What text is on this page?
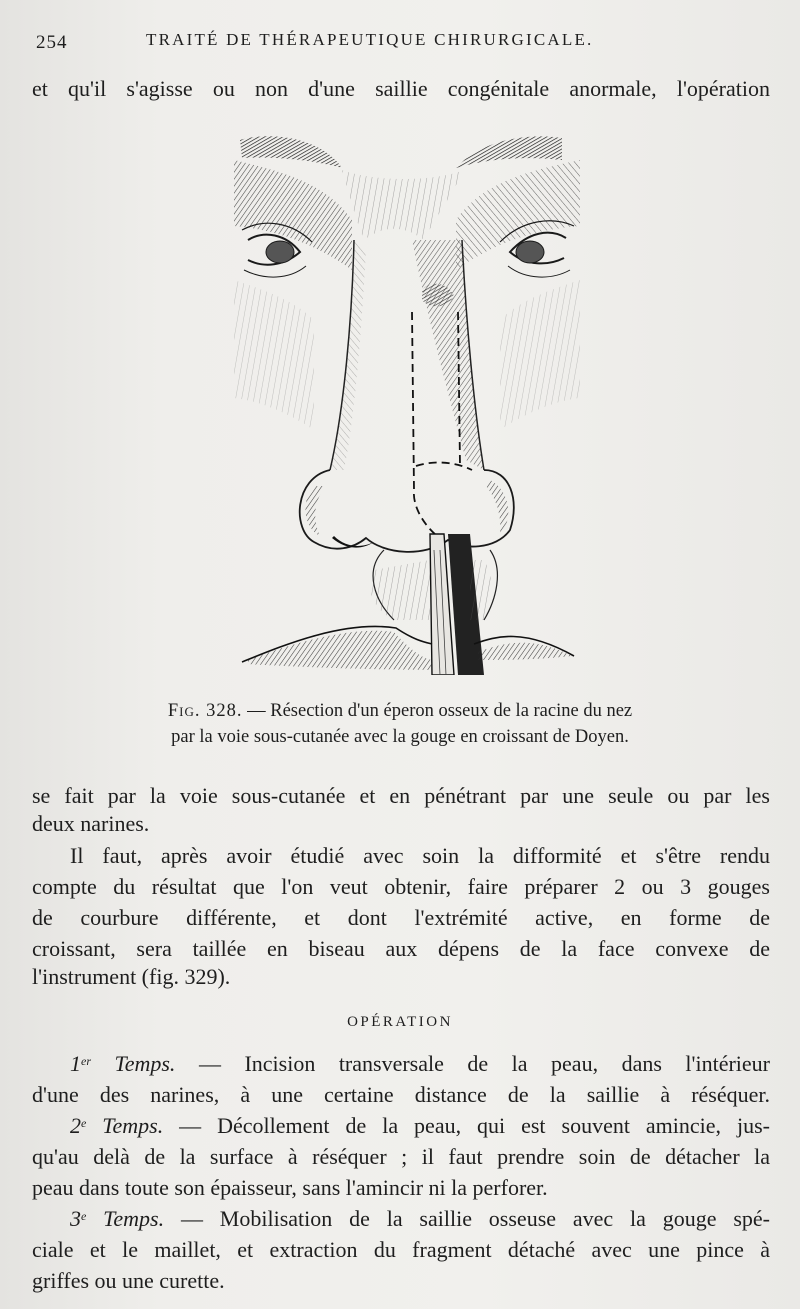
254	TRAITÉ DE THÉRAPEUTIQUE CHIRURGICALE.
et qu'il s'agisse ou non d'une saillie congénitale anormale, l'opération
Fig. 328. — Résection d'un éperon osseux de la racine du nez
par la voie sous-cutanée avec la gouge en croissant de Doyen.
se fait par la voie sous-cutanée et en pénétrant par une seule ou par les
deux narines.
Il faut, après avoir étudié avec soin la difformité et s'être rendu
compte du résultat que l'on veut obtenir, faire préparer 2 ou 3 gouges
de courbure différente, et dont l'extrémité active, en forme de
croissant, sera taillée en biseau aux dépens de la face convexe de
l'instrument (fig. 329).
OPÉRATION
1er Temps. — Incision transversale de la peau, dans l'intérieur
d'une des narines, à une certaine distance de la saillie à réséquer.
2e Temps. — Décollement de la peau, qui est souvent amincie, jus-
qu'au delà de la surface à réséquer ; il faut prendre soin de détacher la
peau dans toute son épaisseur, sans l'amincir ni la perforer.
3e Temps. — Mobilisation de la saillie osseuse avec la gouge spé-
ciale et le maillet, et extraction du fragment détaché avec une pince à
griffes ou une curette.
